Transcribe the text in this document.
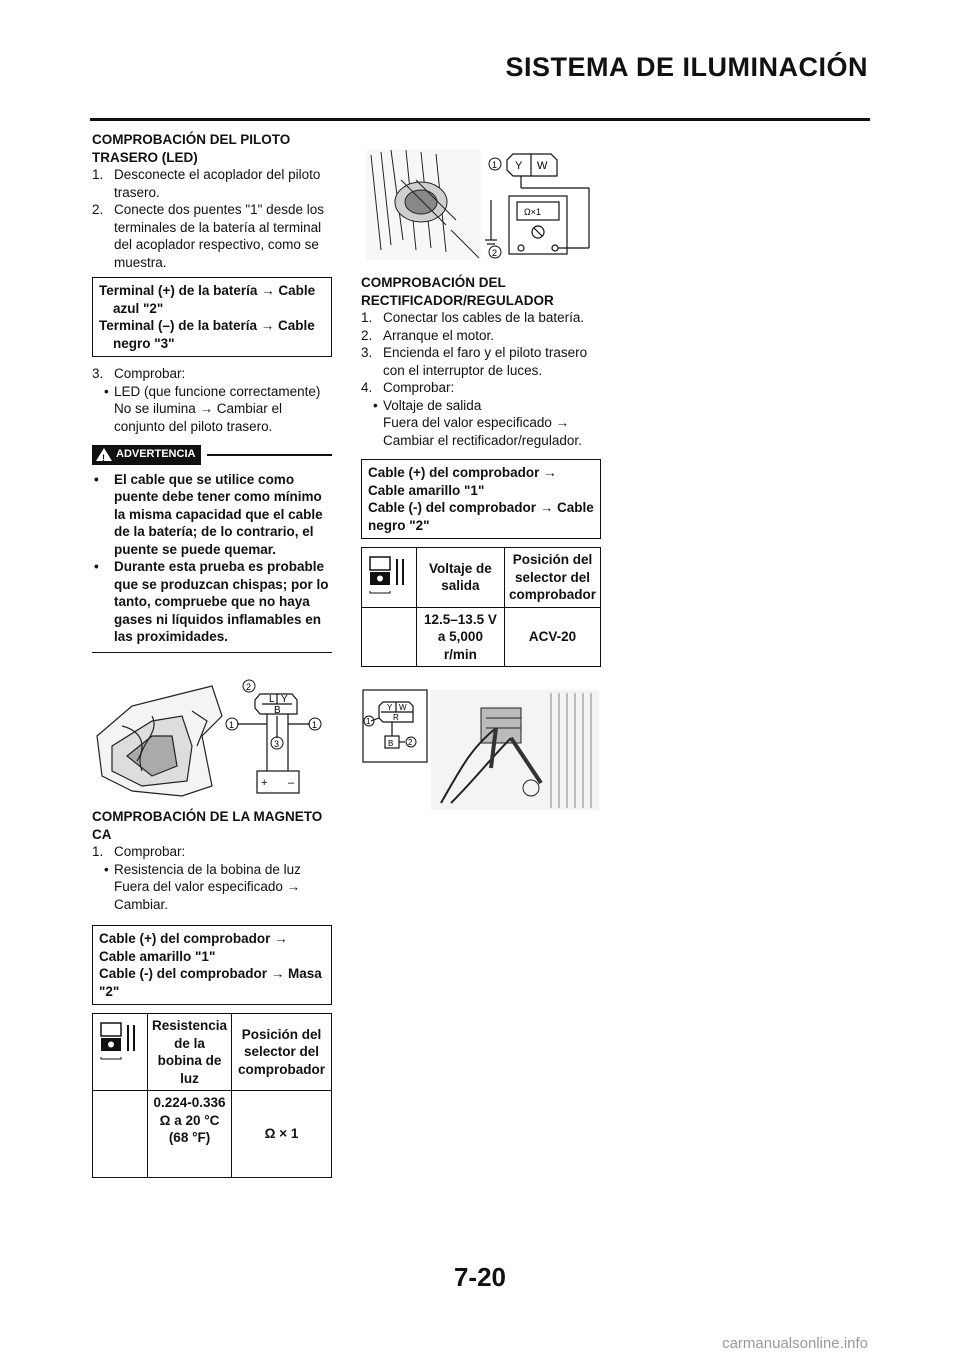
SISTEMA DE ILUMINACIÓN

COMPROBACIÓN DEL PILOTO TRASERO (LED)

1. Desconecte el acoplador del piloto trasero.

2. Conecte dos puentes "1" desde los terminales de la batería al terminal del acoplador respectivo, como se muestra.

Terminal (+) de la batería → Cable

azul "2"

Terminal (–) de la batería → Cable

negro "3"

3. Comprobar:

• LED (que funcione correctamente)

No se ilumina → Cambiar el conjunto del piloto trasero.

! ADVERTENCIA

• El cable que se utilice como puente debe tener como mínimo la misma capacidad que el cable de la batería; de lo contrario, el puente se puede quemar.

• Durante esta prueba es probable que se produzcan chispas; por lo tanto, compruebe que no haya gases ni líquidos inflamables en las proximidades.

L Y
B
+ –
2
1	1
3

COMPROBACIÓN DE LA MAGNETO CA

1. Comprobar:

• Resistencia de la bobina de luz

Fuera del valor especificado → Cambiar.

Cable (+) del comprobador → Cable amarillo "1"

Cable (-) del comprobador → Masa "2"

	Resistencia de la bobina de luz	Posición del selector del comprobador
	0.224-0.336 Ω a 20 °C (68 °F)	Ω × 1
Y W
Ω×1
1
2

COMPROBACIÓN DEL RECTIFICADOR/REGULADOR

1. Conectar los cables de la batería.

2. Arranque el motor.

3. Encienda el faro y el piloto trasero con el interruptor de luces.

4. Comprobar:

• Voltaje de salida

Fuera del valor especificado → Cambiar el rectificador/regulador.

Cable (+) del comprobador → Cable amarillo "1"

Cable (-) del comprobador → Cable negro "2"

	Voltaje de salida	Posición del selector del comprobador
	12.5–13.5 V a 5,000 r/min	ACV-20
Y W
R
B
1
2
7-20
carmanualsonline.info
